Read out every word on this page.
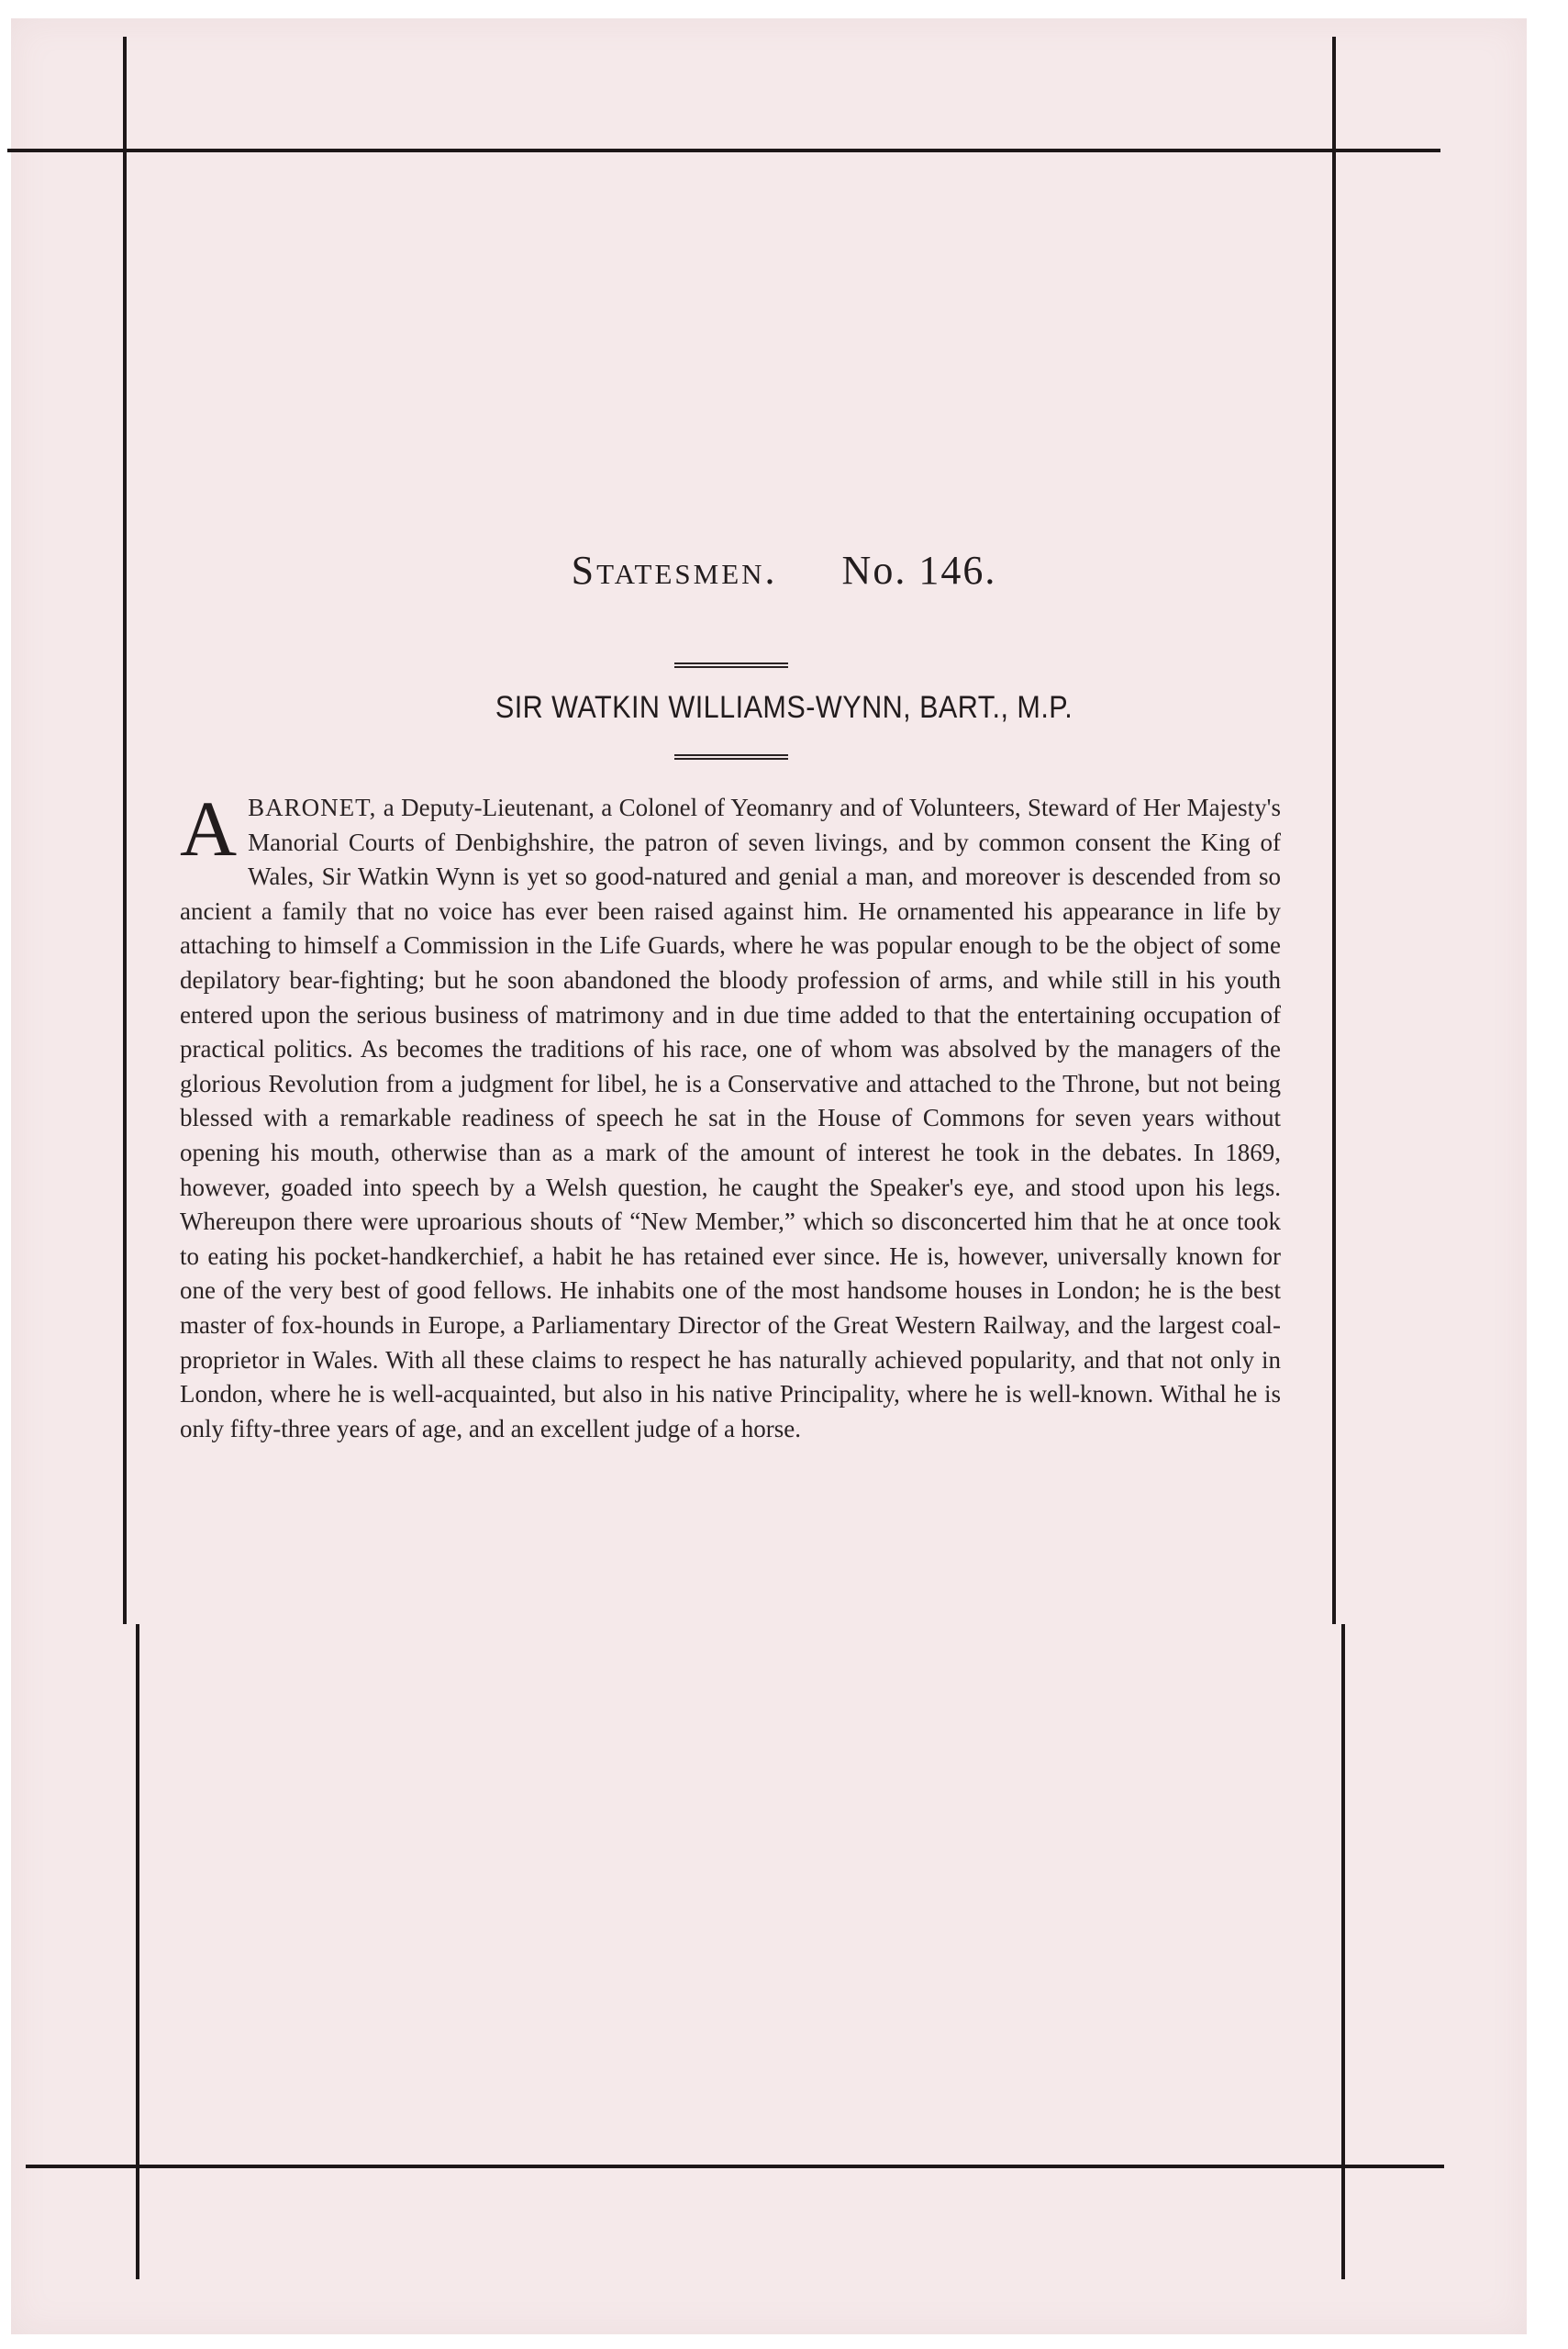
Statesmen. No. 146.
SIR WATKIN WILLIAMS-WYNN, BART., M.P.
ABARONET, a Deputy-Lieutenant, a Colonel of Yeomanry and of Volunteers, Steward of Her Majesty's Manorial Courts of Denbighshire, the patron of seven livings, and by common consent the King of Wales, Sir Watkin Wynn is yet so good-natured and genial a man, and moreover is descended from so ancient a family that no voice has ever been raised against him. He ornamented his appearance in life by attaching to himself a Commission in the Life Guards, where he was popular enough to be the object of some depilatory bear-fighting; but he soon abandoned the bloody profession of arms, and while still in his youth entered upon the serious business of matrimony and in due time added to that the entertaining occupation of practical politics. As becomes the traditions of his race, one of whom was absolved by the managers of the glorious Revolution from a judgment for libel, he is a Conservative and attached to the Throne, but not being blessed with a remarkable readiness of speech he sat in the House of Commons for seven years without opening his mouth, otherwise than as a mark of the amount of interest he took in the debates. In 1869, however, goaded into speech by a Welsh question, he caught the Speaker's eye, and stood upon his legs. Whereupon there were uproarious shouts of “New Member,” which so disconcerted him that he at once took to eating his pocket-handkerchief, a habit he has retained ever since. He is, however, universally known for one of the very best of good fellows. He inhabits one of the most handsome houses in London; he is the best master of fox-hounds in Europe, a Parliamentary Director of the Great Western Railway, and the largest coal-proprietor in Wales. With all these claims to respect he has naturally achieved popularity, and that not only in London, where he is well-acquainted, but also in his native Principality, where he is well-known. Withal he is only fifty-three years of age, and an excellent judge of a horse.
